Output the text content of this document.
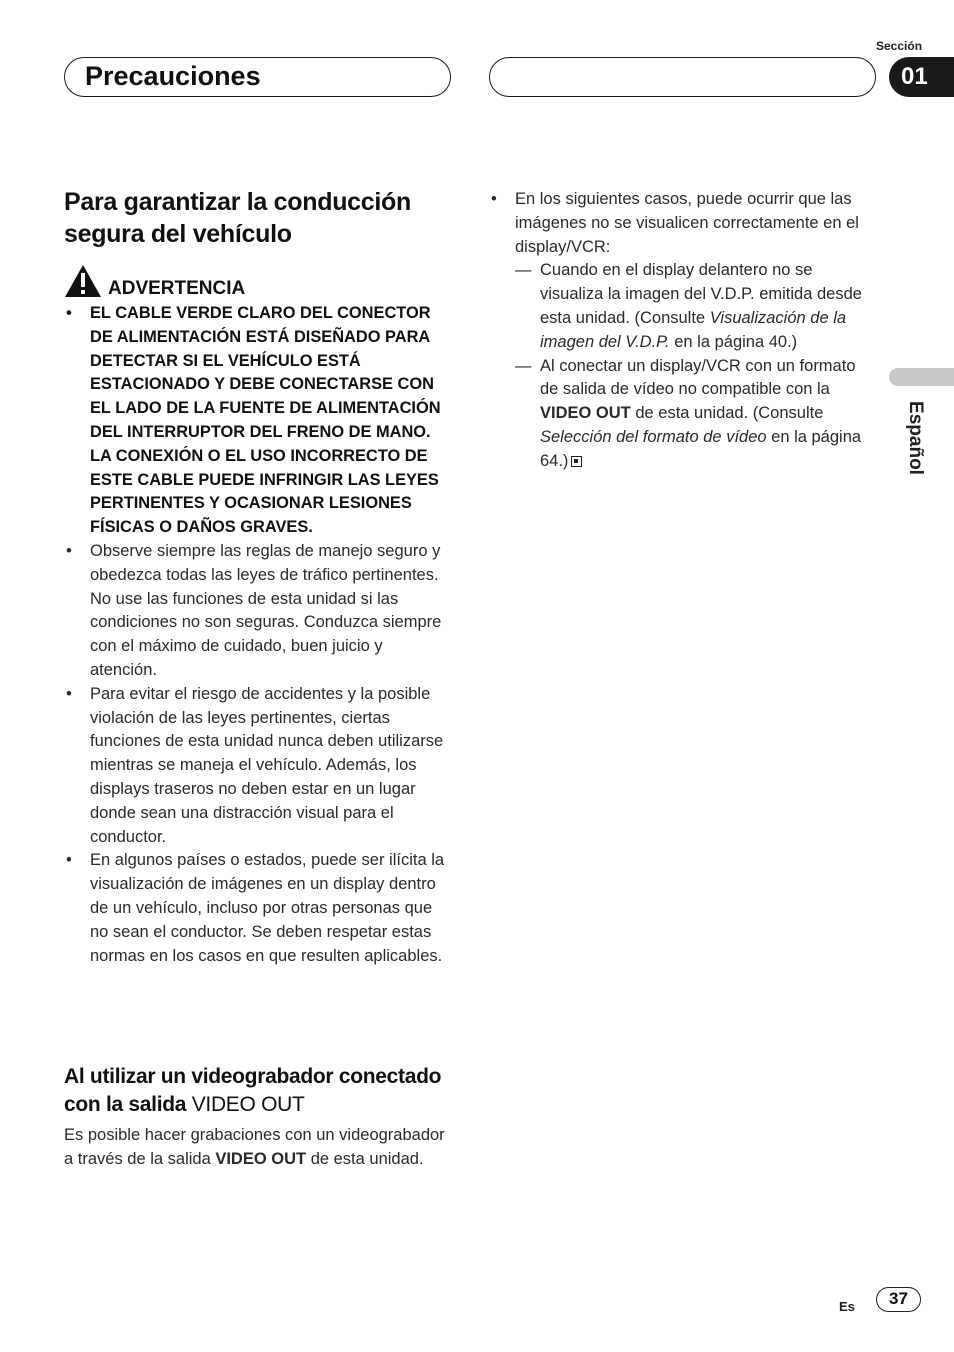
Precauciones
Sección
01
Español
Para garantizar la conducción segura del vehículo
ADVERTENCIA
• EL CABLE VERDE CLARO DEL CONECTOR DE ALIMENTACIÓN ESTÁ DISEÑADO PARA DETECTAR SI EL VEHÍCULO ESTÁ ESTACIONADO Y DEBE CONECTARSE CON EL LADO DE LA FUENTE DE ALIMENTACIÓN DEL INTERRUPTOR DEL FRENO DE MANO. LA CONEXIÓN O EL USO INCORRECTO DE ESTE CABLE PUEDE INFRINGIR LAS LEYES PERTINENTES Y OCASIONAR LESIONES FÍSICAS O DAÑOS GRAVES.
• Observe siempre las reglas de manejo seguro y obedezca todas las leyes de tráfico pertinentes. No use las funciones de esta unidad si las condiciones no son seguras. Conduzca siempre con el máximo de cuidado, buen juicio y atención.
• Para evitar el riesgo de accidentes y la posible violación de las leyes pertinentes, ciertas funciones de esta unidad nunca deben utilizarse mientras se maneja el vehículo. Además, los displays traseros no deben estar en un lugar donde sean una distracción visual para el conductor.
• En algunos países o estados, puede ser ilícita la visualización de imágenes en un display dentro de un vehículo, incluso por otras personas que no sean el conductor. Se deben respetar estas normas en los casos en que resulten aplicables.
Al utilizar un videograbador conectado con la salida VIDEO OUT
Es posible hacer grabaciones con un videograbador a través de la salida VIDEO OUT de esta unidad.
• En los siguientes casos, puede ocurrir que las imágenes no se visualicen correctamente en el display/VCR:
— Cuando en el display delantero no se visualiza la imagen del V.D.P. emitida desde esta unidad. (Consulte Visualización de la imagen del V.D.P. en la página 40.)
— Al conectar un display/VCR con un formato de salida de vídeo no compatible con la VIDEO OUT de esta unidad. (Consulte Selección del formato de vídeo en la página 64.)
Es	37
